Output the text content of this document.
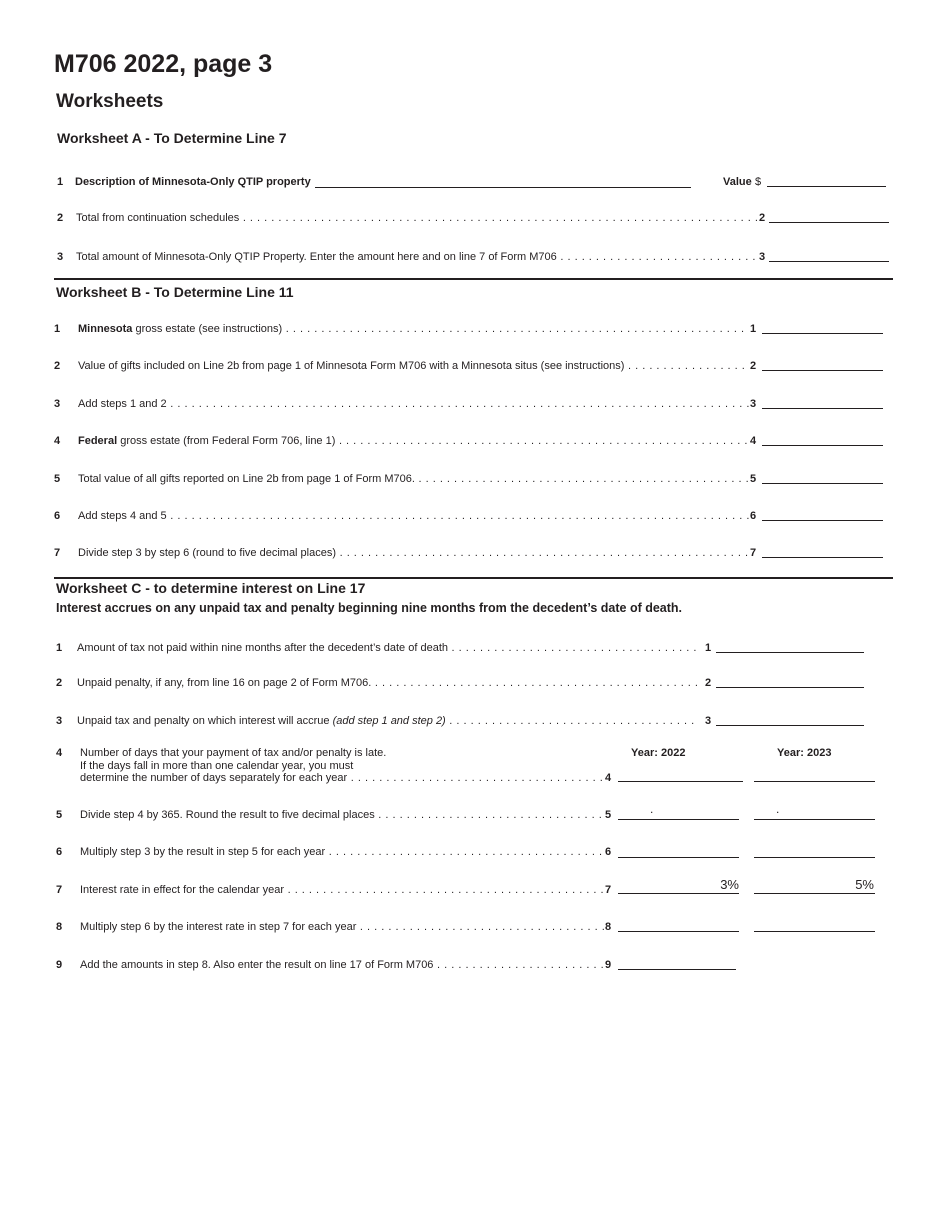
M706 2022, page 3
Worksheets
Worksheet A - To Determine Line 7
1 Description of Minnesota-Only QTIP property	Value $
2 Total from continuation schedules . . .	2
3 Total amount of Minnesota-Only QTIP Property. Enter the amount here and on line 7 of Form M706 . . .	3
Worksheet B - To Determine Line 11
1 Minnesota gross estate (see instructions) . . .	1
2 Value of gifts included on Line 2b from page 1 of Minnesota Form M706 with a Minnesota situs (see instructions) . . .	2
3 Add steps 1 and 2 . . .	3
4 Federal gross estate (from Federal Form 706, line 1) . . .	4
5 Total value of all gifts reported on Line 2b from page 1 of Form M706. . . .	5
6 Add steps 4 and 5 . . .	6
7 Divide step 3 by step 6 (round to five decimal places) . . .	7
Worksheet C - to determine interest on Line 17
Interest accrues on any unpaid tax and penalty beginning nine months from the decedent’s date of death.
1 Amount of tax not paid within nine months after the decedent’s date of death . . .	1
2 Unpaid penalty, if any, from line 16 on page 2 of Form M706. . . .	2
3 Unpaid tax and penalty on which interest will accrue (add step 1 and step 2) . . .	3
4 Number of days that your payment of tax and/or penalty is late.
If the days fall in more than one calendar year, you must
determine the number of days separately for each year . . .	4
Year: 2022	Year: 2023
5 Divide step 4 by 365. Round the result to five decimal places . . .	5	.	.
6 Multiply step 3 by the result in step 5 for each year . . .	6
7 Interest rate in effect for the calendar year . . .	7	3%	5%
8 Multiply step 6 by the interest rate in step 7 for each year . . .	8
9 Add the amounts in step 8. Also enter the result on line 17 of Form M706 . . .	9
